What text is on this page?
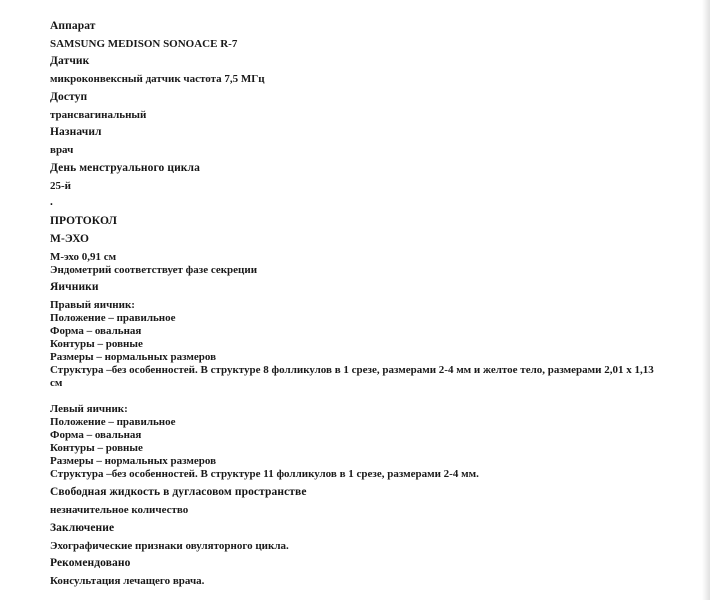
Аппарат
SAMSUNG MEDISON SONOACE R-7
Датчик
микроконвексный датчик частота 7,5 МГц
Доступ
трансвагинальный
Назначил
врач
День менструального цикла
25-й
.
ПРОТОКОЛ
М-ЭХО
М-эхо 0,91 см
Эндометрий соответствует фазе секреции
Яичники
Правый яичник:
Положение – правильное
Форма – овальная
Контуры – ровные
Размеры – нормальных размеров
Структура –без особенностей. В структуре 8 фолликулов в 1 срезе, размерами 2-4 мм и желтое тело, размерами 2,01 х 1,13 см
Левый яичник:
Положение – правильное
Форма – овальная
Контуры – ровные
Размеры – нормальных размеров
Структура –без особенностей. В структуре 11 фолликулов в 1 срезе, размерами 2-4 мм.
Свободная жидкость в дугласовом пространстве
незначительное количество
Заключение
Эхографические признаки овуляторного цикла.
Рекомендовано
Консультация лечащего врача.
